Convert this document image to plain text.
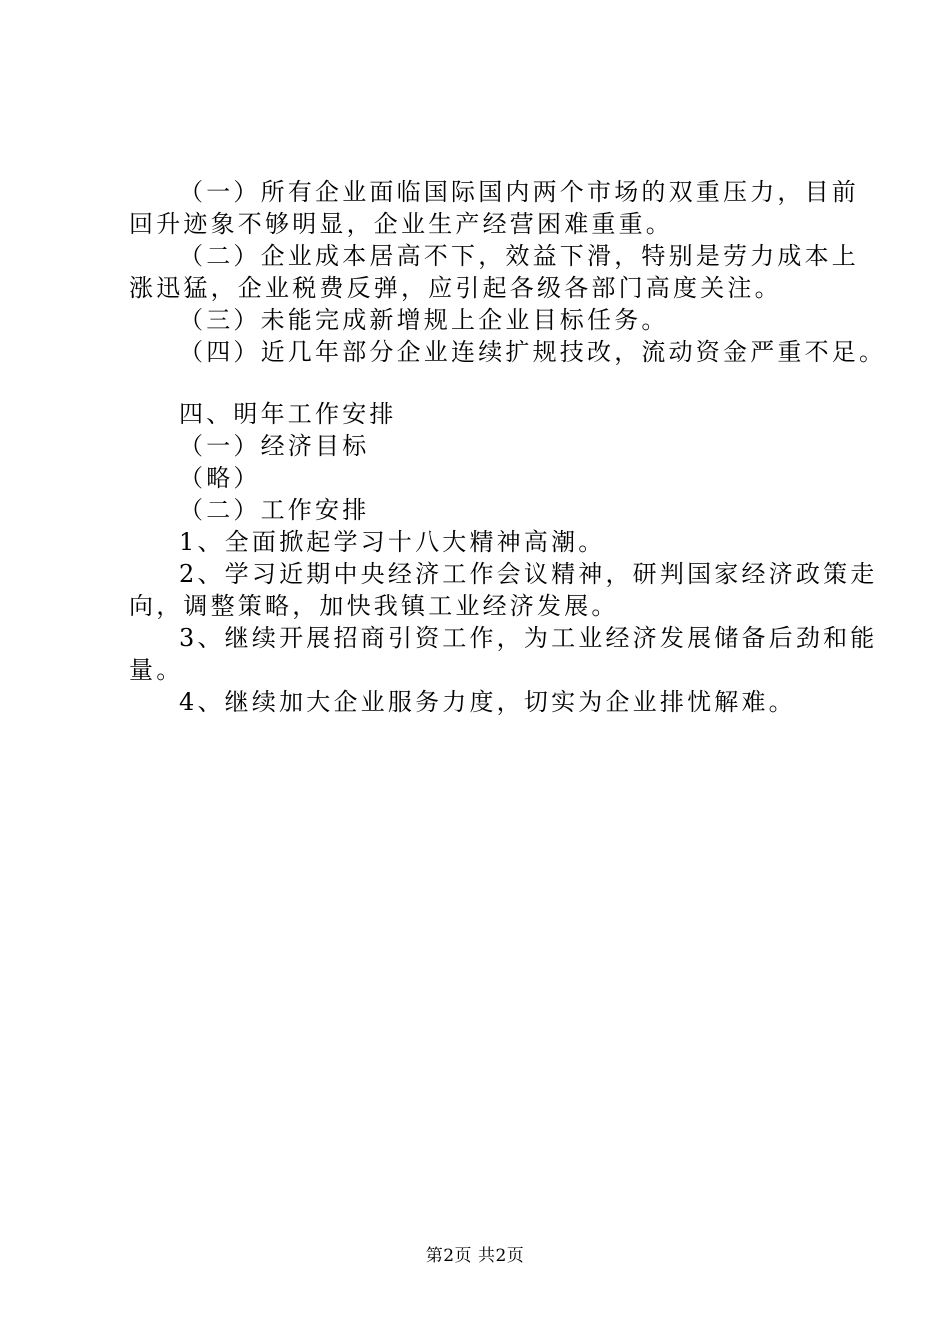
（一）所有企业面临国际国内两个市场的双重压力，目前
回升迹象不够明显，企业生产经营困难重重。
（二）企业成本居高不下，效益下滑，特别是劳力成本上
涨迅猛，企业税费反弹，应引起各级各部门高度关注。
（三）未能完成新增规上企业目标任务。
（四）近几年部分企业连续扩规技改，流动资金严重不足。
四、明年工作安排
（一）经济目标
（略）
（二）工作安排
1、全面掀起学习十八大精神高潮。
2、学习近期中央经济工作会议精神，研判国家经济政策走
向，调整策略，加快我镇工业经济发展。
3、继续开展招商引资工作，为工业经济发展储备后劲和能
量。
4、继续加大企业服务力度，切实为企业排忧解难。
第2页 共2页
